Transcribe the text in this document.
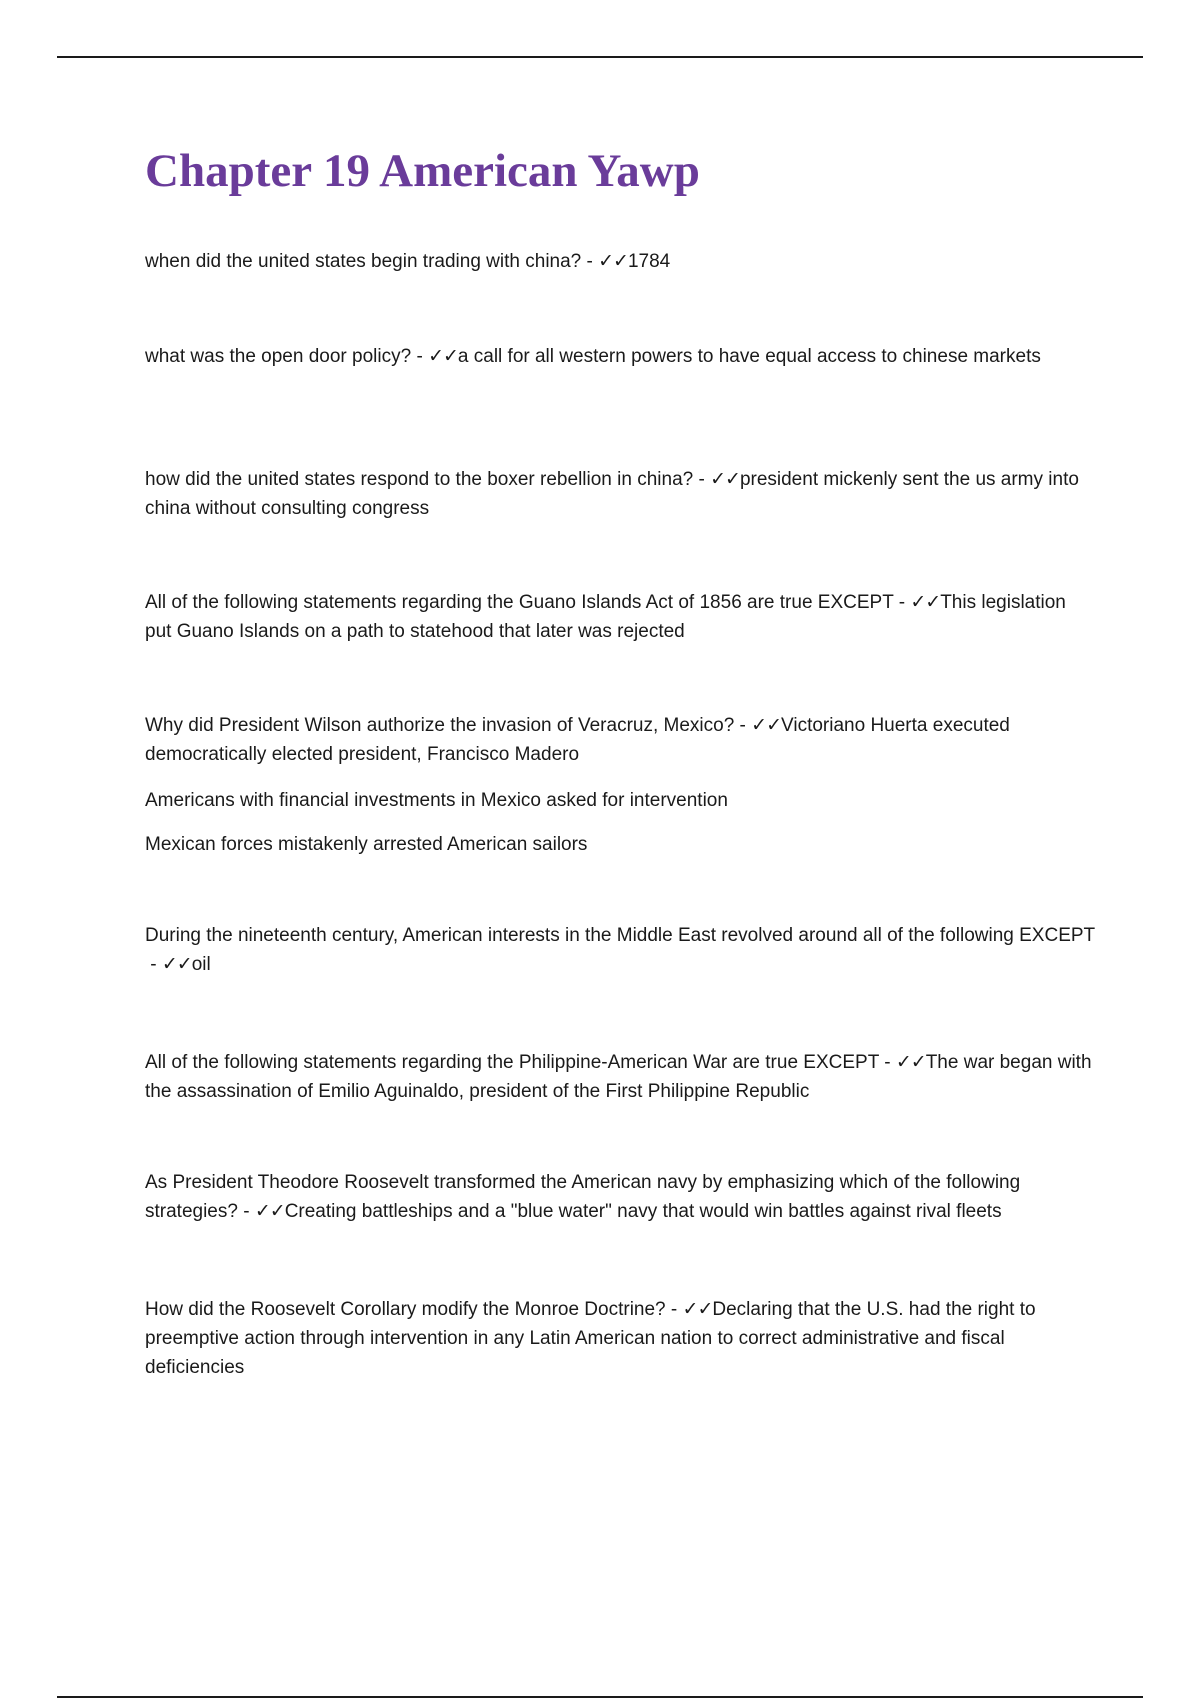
Chapter 19 American Yawp

when did the united states begin trading with china? - ✓✓1784

what was the open door policy? - ✓✓a call for all western powers to have equal access to chinese markets

how did the united states respond to the boxer rebellion in china? - ✓✓president mickenly sent the us army into china without consulting congress

All of the following statements regarding the Guano Islands Act of 1856 are true EXCEPT - ✓✓This legislation put Guano Islands on a path to statehood that later was rejected

Why did President Wilson authorize the invasion of Veracruz, Mexico? - ✓✓Victoriano Huerta executed democratically elected president, Francisco Madero

Americans with financial investments in Mexico asked for intervention

Mexican forces mistakenly arrested American sailors

During the nineteenth century, American interests in the Middle East revolved around all of the following EXCEPT - ✓✓oil

All of the following statements regarding the Philippine-American War are true EXCEPT - ✓✓The war began with the assassination of Emilio Aguinaldo, president of the First Philippine Republic

As President Theodore Roosevelt transformed the American navy by emphasizing which of the following strategies? - ✓✓Creating battleships and a "blue water" navy that would win battles against rival fleets

How did the Roosevelt Corollary modify the Monroe Doctrine? - ✓✓Declaring that the U.S. had the right to preemptive action through intervention in any Latin American nation to correct administrative and fiscal deficiencies
